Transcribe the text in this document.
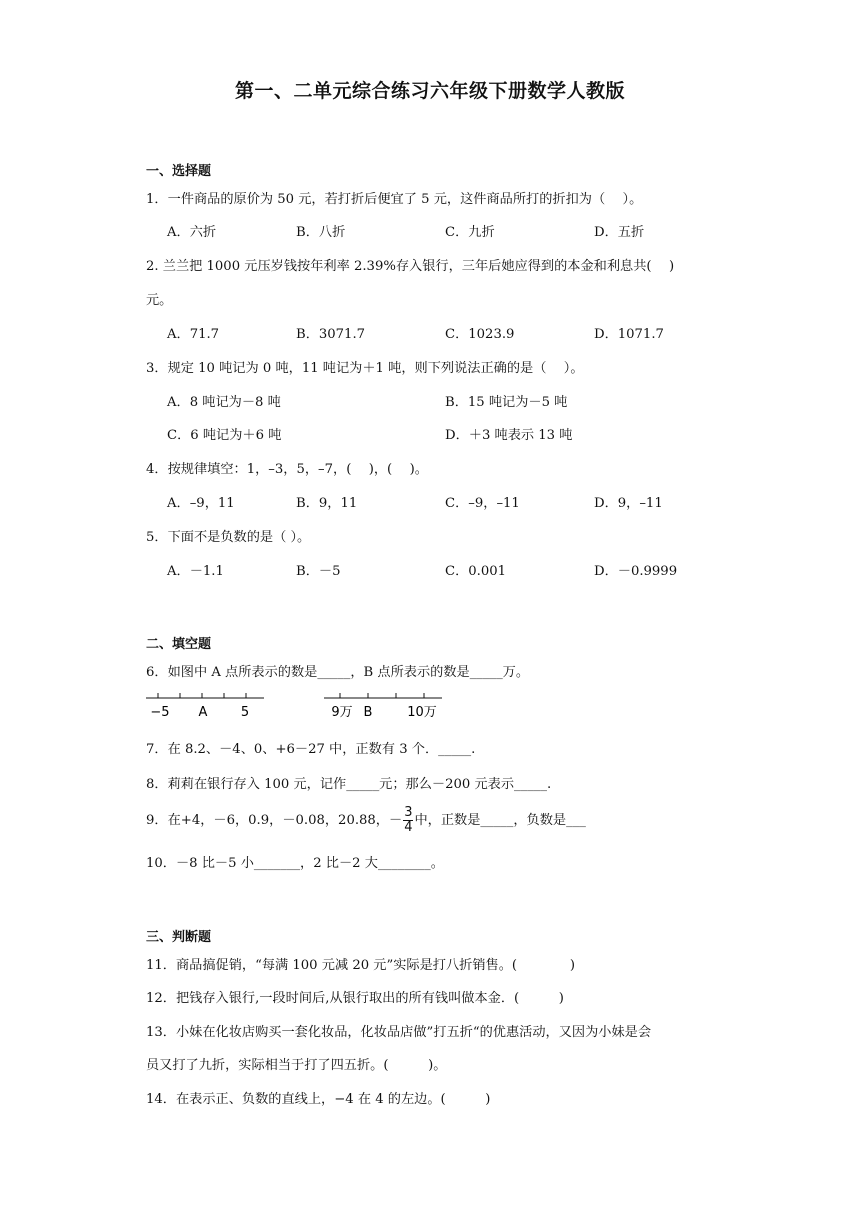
第一、二单元综合练习六年级下册数学人教版
一、选择题
1．一件商品的原价为 50 元，若打折后便宜了 5 元，这件商品所打的折扣为（　 ）。
A．六折	B．八折	C．九折	D．五折
2. 兰兰把 1000 元压岁钱按年利率 2.39%存入银行，三年后她应得到的本金和利息共(　 )
元。
A．71.7	B．3071.7	C．1023.9	D．1071.7
3．规定 10 吨记为 0 吨，11 吨记为＋1 吨，则下列说法正确的是（　 ）。
A．8 吨记为－8 吨	B．15 吨记为－5 吨
C．6 吨记为＋6 吨	D．＋3 吨表示 13 吨
4．按规律填空：1，–3，5，–7，(　 )，(　 )。
A．–9，11	B．9，11	C．–9，–11	D．9，–11
5．下面不是负数的是（ ）。
A．－1.1	B．－5	C．0.001	D．－0.9999
二、填空题
6．如图中 A 点所表示的数是_____，B 点所表示的数是_____万。
−5 A	5	9万 B	10万
7．在 8.2、－4、0、+6－27 中，正数有 3 个．_____.
8．莉莉在银行存入 100 元，记作_____元；那么－200 元表示_____.
9．在+4，－6，0.9，－0.08，20.88，－ $\frac{3}{4}$ 中，正数是_____，负数是___
10．－8 比－5 小_______，2 比－2 大________。
三、判断题
11．商品搞促销，“每满 100 元减 20 元”实际是打八折销售。(　　　　)
12．把钱存入银行,一段时间后,从银行取出的所有钱叫做本金．(　　　)
13．小妹在化妆店购买一套化妆品，化妆品店做”打五折“的优惠活动，又因为小妹是会
员又打了九折，实际相当于打了四五折。(　　　)。
14．在表示正、负数的直线上，−4 在 4 的左边。(　　　)
